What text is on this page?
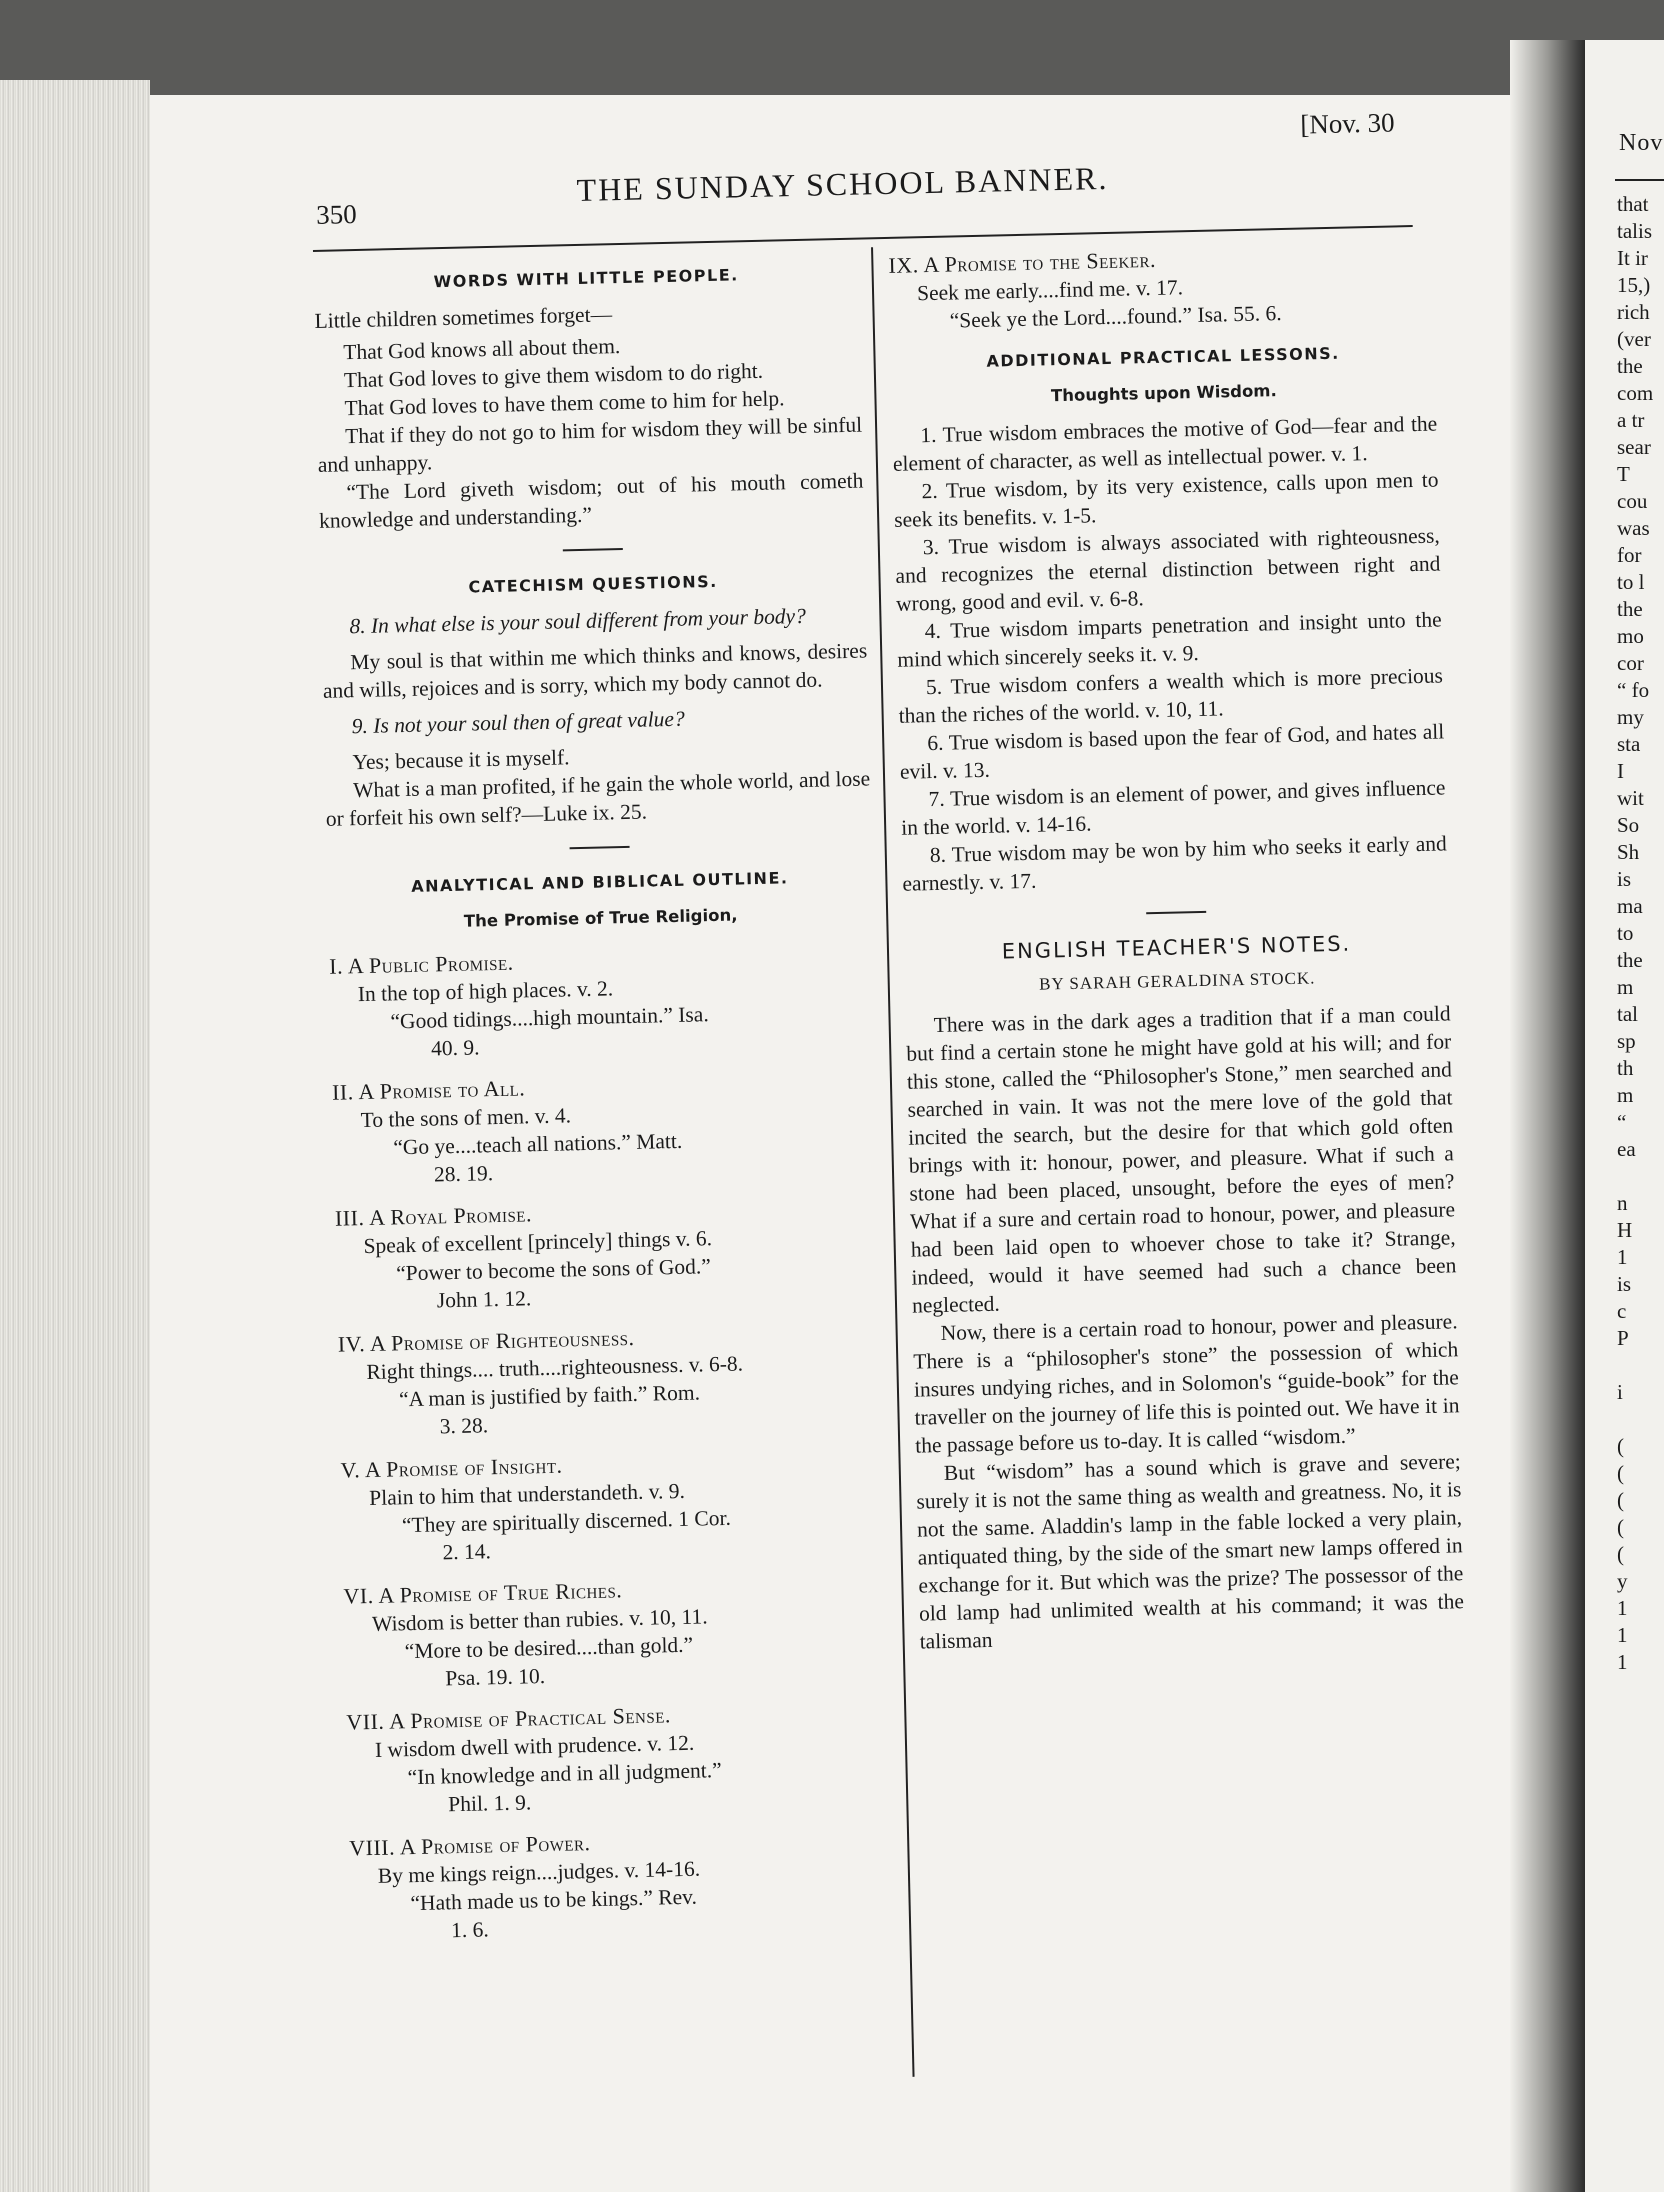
Nov
that
talis
It ir
15,)
rich
(ver
the
com
a tr
sear
T
cou
was
for
to l
the
mo
cor
“ fo
my
sta
I
wit
So
Sh
is
ma
to
the
m
tal
sp
th
m
“
ea
n
H
1
is
c
P
i
(
(
(
(
(
y
1
1
1
350
THE SUNDAY SCHOOL BANNER.
[Nov. 30
WORDS WITH LITTLE PEOPLE.

Little children sometimes forget—

That God knows all about them.

That God loves to give them wisdom to do right.

That God loves to have them come to him for help.

That if they do not go to him for wisdom they will be sinful and unhappy.

“The Lord giveth wisdom; out of his mouth cometh knowledge and understanding.”

CATECHISM QUESTIONS.

8. In what else is your soul different from your body?

My soul is that within me which thinks and knows, desires and wills, rejoices and is sorry, which my body cannot do.

9. Is not your soul then of great value?

Yes; because it is myself.

What is a man profited, if he gain the whole world, and lose or forfeit his own self?—Luke ix. 25.

ANALYTICAL AND BIBLICAL OUTLINE.
The Promise of True Religion,
I. A Public Promise.
In the top of high places. v. 2.
“Good tidings....high mountain.” Isa.
40. 9.
II. A Promise to All.
To the sons of men. v. 4.
“Go ye....teach all nations.” Matt.
28. 19.
III. A Royal Promise.
Speak of excellent [princely] things v. 6.
“Power to become the sons of God.”
John 1. 12.
IV. A Promise of Righteousness.
Right things.... truth....righteousness. v. 6-8.
“A man is justified by faith.” Rom.
3. 28.
V. A Promise of Insight.
Plain to him that understandeth. v. 9.
“They are spiritually discerned. 1 Cor.
2. 14.
VI. A Promise of True Riches.
Wisdom is better than rubies. v. 10, 11.
“More to be desired....than gold.”
Psa. 19. 10.
VII. A Promise of Practical Sense.
I wisdom dwell with prudence. v. 12.
“In knowledge and in all judgment.”
Phil. 1. 9.
VIII. A Promise of Power.
By me kings reign....judges. v. 14-16.
“Hath made us to be kings.” Rev.
1. 6.
IX. A Promise to the Seeker.
Seek me early....find me. v. 17.
“Seek ye the Lord....found.” Isa. 55. 6.
ADDITIONAL PRACTICAL LESSONS.
Thoughts upon Wisdom.

1. True wisdom embraces the motive of God—fear and the element of character, as well as intellectual power. v. 1.

2. True wisdom, by its very existence, calls upon men to seek its benefits. v. 1-5.

3. True wisdom is always associated with righteousness, and recognizes the eternal distinction between right and wrong, good and evil. v. 6-8.

4. True wisdom imparts penetration and insight unto the mind which sincerely seeks it. v. 9.

5. True wisdom confers a wealth which is more precious than the riches of the world. v. 10, 11.

6. True wisdom is based upon the fear of God, and hates all evil. v. 13.

7. True wisdom is an element of power, and gives influence in the world. v. 14-16.

8. True wisdom may be won by him who seeks it early and earnestly. v. 17.

ENGLISH TEACHER'S NOTES.
BY SARAH GERALDINA STOCK.

There was in the dark ages a tradition that if a man could but find a certain stone he might have gold at his will; and for this stone, called the “Philosopher's Stone,” men searched and searched in vain. It was not the mere love of the gold that incited the search, but the desire for that which gold often brings with it: honour, power, and pleasure. What if such a stone had been placed, unsought, before the eyes of men? What if a sure and certain road to honour, power, and pleasure had been laid open to whoever chose to take it? Strange, indeed, would it have seemed had such a chance been neglected.

Now, there is a certain road to honour, power and pleasure. There is a “philosopher's stone” the possession of which insures undying riches, and in Solomon's “guide-book” for the traveller on the journey of life this is pointed out. We have it in the passage before us to-day. It is called “wisdom.”

But “wisdom” has a sound which is grave and severe; surely it is not the same thing as wealth and greatness. No, it is not the same. Aladdin's lamp in the fable locked a very plain, antiquated thing, by the side of the smart new lamps offered in exchange for it. But which was the prize? The possessor of the old lamp had unlimited wealth at his command; it was the talisman
